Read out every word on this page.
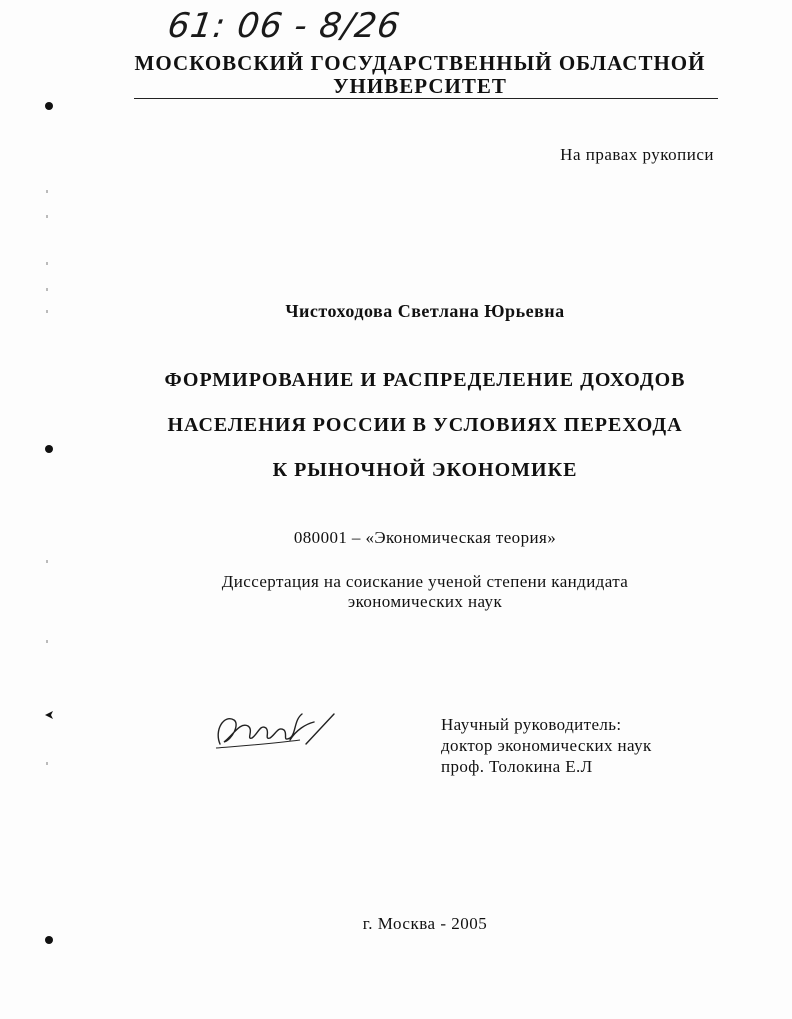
61: 06 - 8/26
МОСКОВСКИЙ ГОСУДАРСТВЕННЫЙ ОБЛАСТНОЙ
УНИВЕРСИТЕТ
На правах рукописи
Чистоходова Светлана Юрьевна
ФОРМИРОВАНИЕ И РАСПРЕДЕЛЕНИЕ ДОХОДОВ
НАСЕЛЕНИЯ РОССИИ В УСЛОВИЯХ ПЕРЕХОДА
К РЫНОЧНОЙ ЭКОНОМИКЕ
080001 – «Экономическая теория»
Диссертация на соискание ученой степени кандидата
экономических наук
Научный руководитель:
доктор экономических наук
проф. Толокина Е.Л
г. Москва - 2005
